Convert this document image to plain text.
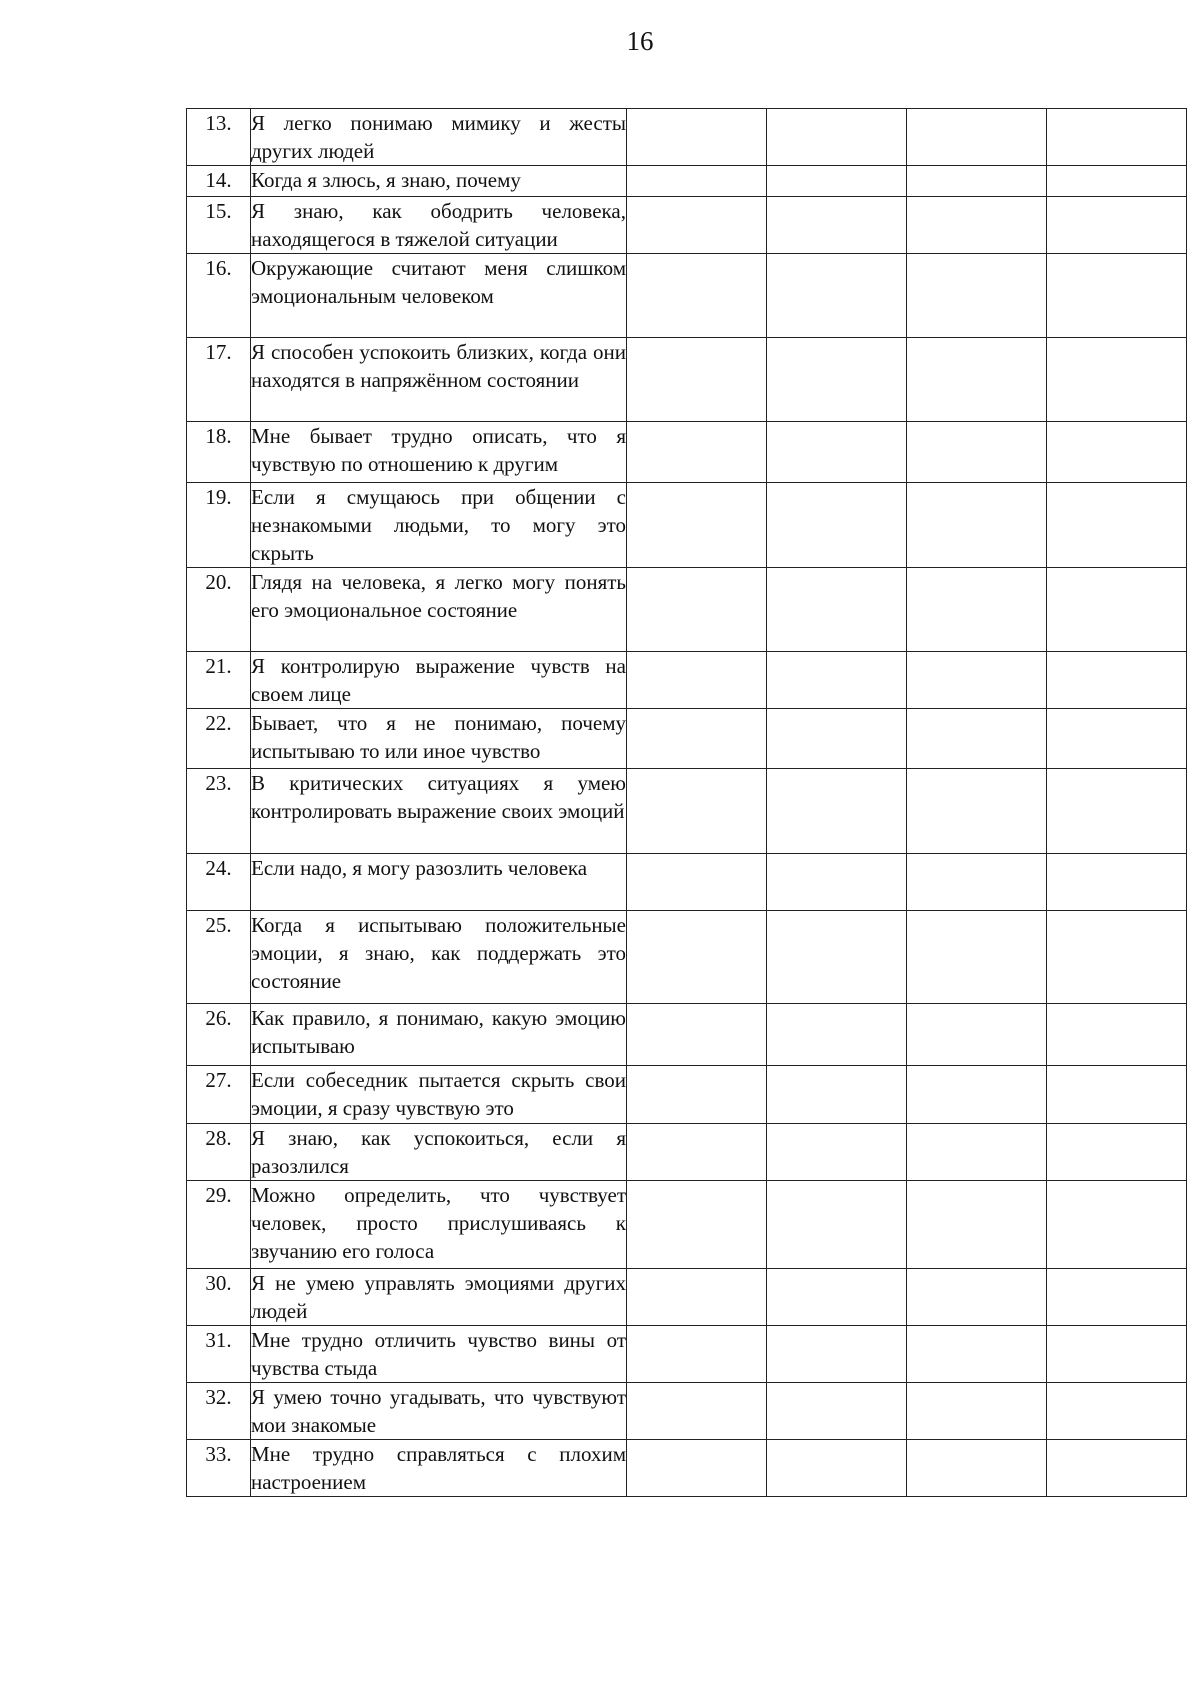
16
13.	Я легко понимаю мимику и жесты других людей				
14.	Когда я злюсь, я знаю, почему				
15.	Я знаю, как ободрить человека, находящегося в тяжелой ситуации				
16.	Окружающие считают меня слишком эмоциональным человеком				
17.	Я способен успокоить близких, когда они находятся в напряжённом состоянии				
18.	Мне бывает трудно описать, что я чувствую по отношению к другим				
19.	Если я смущаюсь при общении с незнакомыми людьми, то могу это скрыть				
20.	Глядя на человека, я легко могу понять его эмоциональное состояние				
21.	Я контролирую выражение чувств на своем лице				
22.	Бывает, что я не понимаю, почему испытываю то или иное чувство				
23.	В критических ситуациях я умею контролировать выражение своих эмоций				
24.	Если надо, я могу разозлить человека				
25.	Когда я испытываю положительные эмоции, я знаю, как поддержать это состояние				
26.	Как правило, я понимаю, какую эмоцию испытываю				
27.	Если собеседник пытается скрыть свои эмоции, я сразу чувствую это				
28.	Я знаю, как успокоиться, если я разозлился				
29.	Можно определить, что чувствует человек, просто прислушиваясь к звучанию его голоса				
30.	Я не умею управлять эмоциями других людей				
31.	Мне трудно отличить чувство вины от чувства стыда				
32.	Я умею точно угадывать, что чувствуют мои знакомые				
33.	Мне трудно справляться с плохим настроением				
